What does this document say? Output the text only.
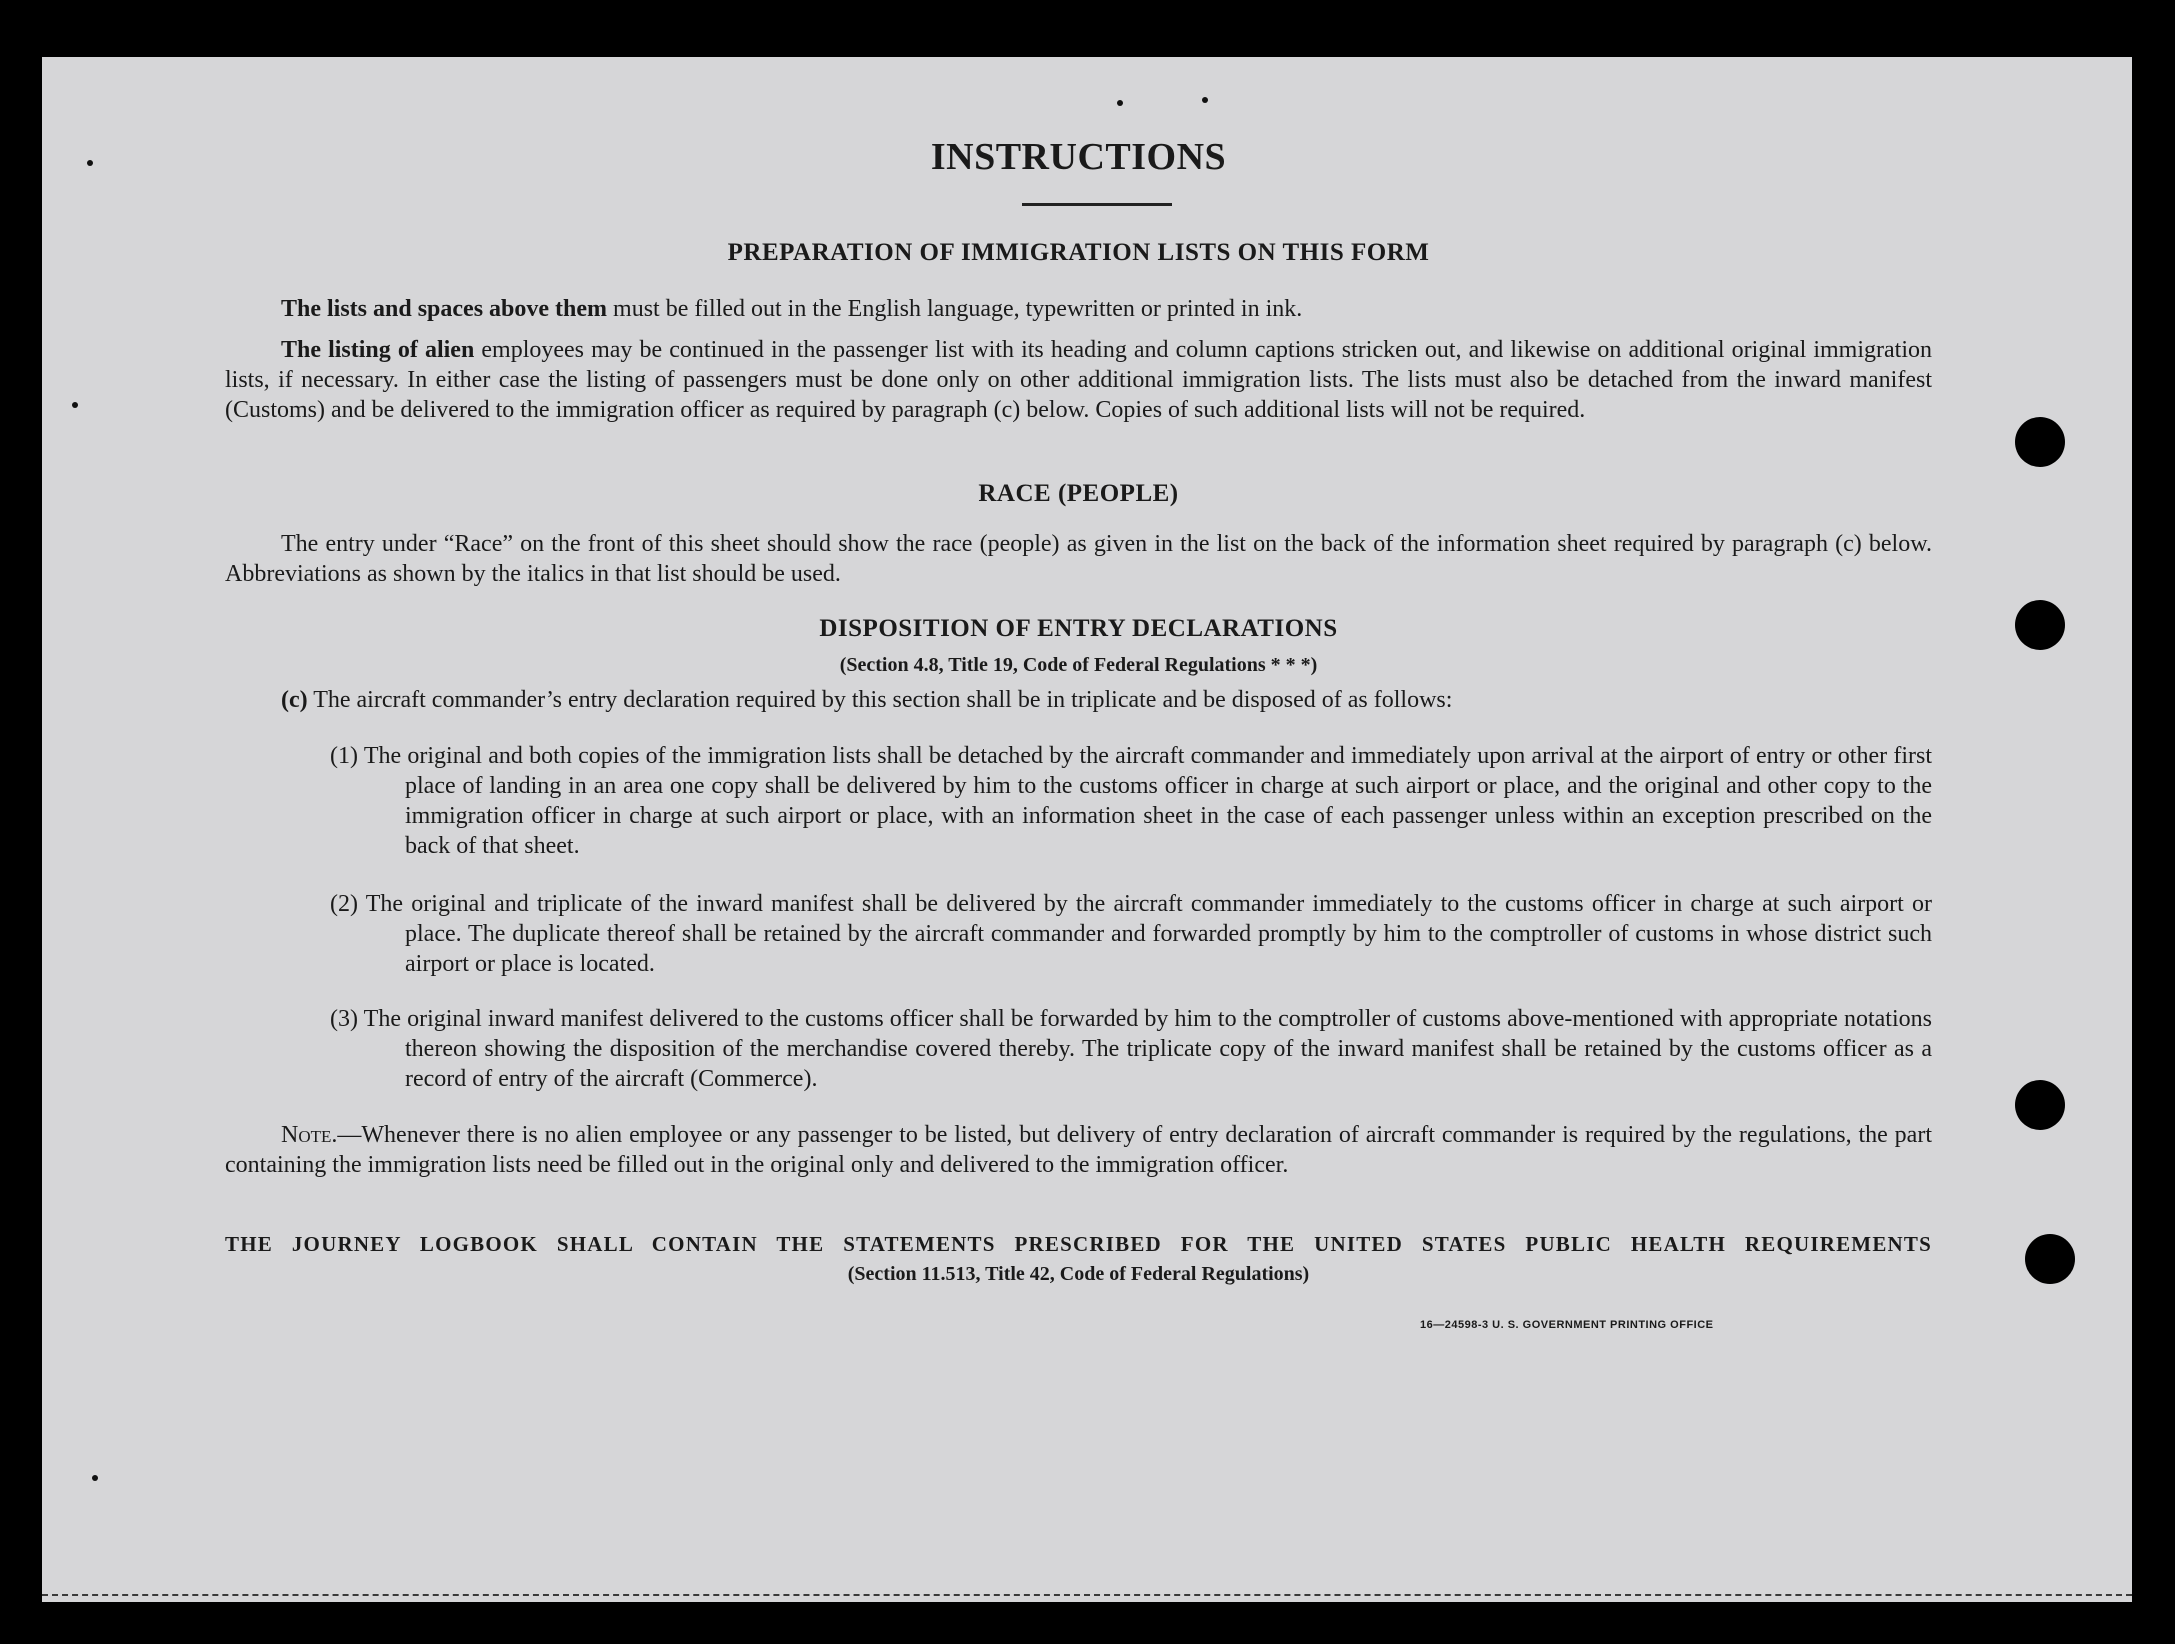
INSTRUCTIONS
PREPARATION OF IMMIGRATION LISTS ON THIS FORM
The lists and spaces above them must be filled out in the English language, typewritten or printed in ink.
The listing of alien employees may be continued in the passenger list with its heading and column captions stricken out, and likewise on additional original immigration lists, if necessary. In either case the listing of passengers must be done only on other additional immigration lists. The lists must also be detached from the inward manifest (Customs) and be delivered to the immigration officer as required by paragraph (c) below. Copies of such additional lists will not be required.
RACE (PEOPLE)
The entry under “Race” on the front of this sheet should show the race (people) as given in the list on the back of the information sheet required by paragraph (c) below. Abbreviations as shown by the italics in that list should be used.
DISPOSITION OF ENTRY DECLARATIONS
(Section 4.8, Title 19, Code of Federal Regulations * * *)
(c) The aircraft commander’s entry declaration required by this section shall be in triplicate and be disposed of as follows:
(1) The original and both copies of the immigration lists shall be detached by the aircraft commander and immediately upon arrival at the airport of entry or other first place of landing in an area one copy shall be delivered by him to the customs officer in charge at such airport or place, and the original and other copy to the immigration officer in charge at such airport or place, with an information sheet in the case of each passenger unless within an exception prescribed on the back of that sheet.
(2) The original and triplicate of the inward manifest shall be delivered by the aircraft commander immediately to the customs officer in charge at such airport or place. The duplicate thereof shall be retained by the aircraft commander and forwarded promptly by him to the comptroller of customs in whose district such airport or place is located.
(3) The original inward manifest delivered to the customs officer shall be forwarded by him to the comptroller of customs above-mentioned with appropriate notations thereon showing the disposition of the merchandise covered thereby. The triplicate copy of the inward manifest shall be retained by the customs officer as a record of entry of the aircraft (Commerce).
Note.—Whenever there is no alien employee or any passenger to be listed, but delivery of entry declaration of aircraft commander is required by the regulations, the part containing the immigration lists need be filled out in the original only and delivered to the immigration officer.
THE JOURNEY LOGBOOK SHALL CONTAIN THE STATEMENTS PRESCRIBED FOR THE UNITED STATES PUBLIC HEALTH REQUIREMENTS
(Section 11.513, Title 42, Code of Federal Regulations)
16—24598-3 U. S. GOVERNMENT PRINTING OFFICE
